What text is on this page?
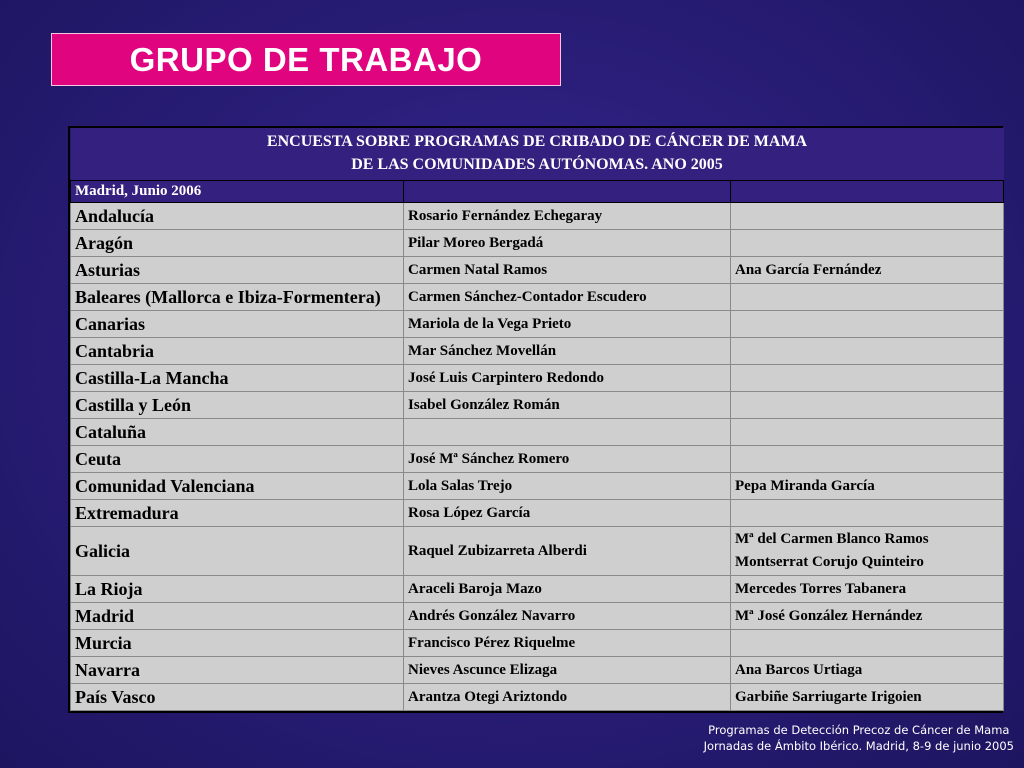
GRUPO DE TRABAJO
ENCUESTA SOBRE PROGRAMAS DE CRIBADO DE CÁNCER DE MAMA
DE LAS COMUNIDADES AUTÓNOMAS. ANO 2005		

Madrid, Junio 2006		
Andalucía	Rosario Fernández Echegaray	
Aragón	Pilar Moreo Bergadá	
Asturias	Carmen Natal Ramos	Ana García Fernández
Baleares (Mallorca e Ibiza-Formentera)	Carmen Sánchez-Contador Escudero	
Canarias	Mariola de la Vega Prieto	
Cantabria	Mar Sánchez Movellán	
Castilla-La Mancha	José Luis Carpintero Redondo	
Castilla y León	Isabel González Román	
Cataluña		
Ceuta	José Mª Sánchez Romero	
Comunidad Valenciana	Lola Salas Trejo	Pepa Miranda García
Extremadura	Rosa López García	
Galicia	Raquel Zubizarreta Alberdi	Mª del Carmen Blanco Ramos
Montserrat Corujo Quinteiro

La Rioja	Araceli Baroja Mazo	Mercedes Torres Tabanera
Madrid	Andrés González Navarro	Mª José González Hernández
Murcia	Francisco Pérez Riquelme	
Navarra	Nieves Ascunce Elizaga	Ana Barcos Urtiaga
País Vasco	Arantza Otegi Ariztondo	Garbiñe Sarriugarte Irigoien
Programas de Detección Precoz de Cáncer de Mama
Jornadas de Ámbito Ibérico. Madrid, 8-9 de junio 2005
